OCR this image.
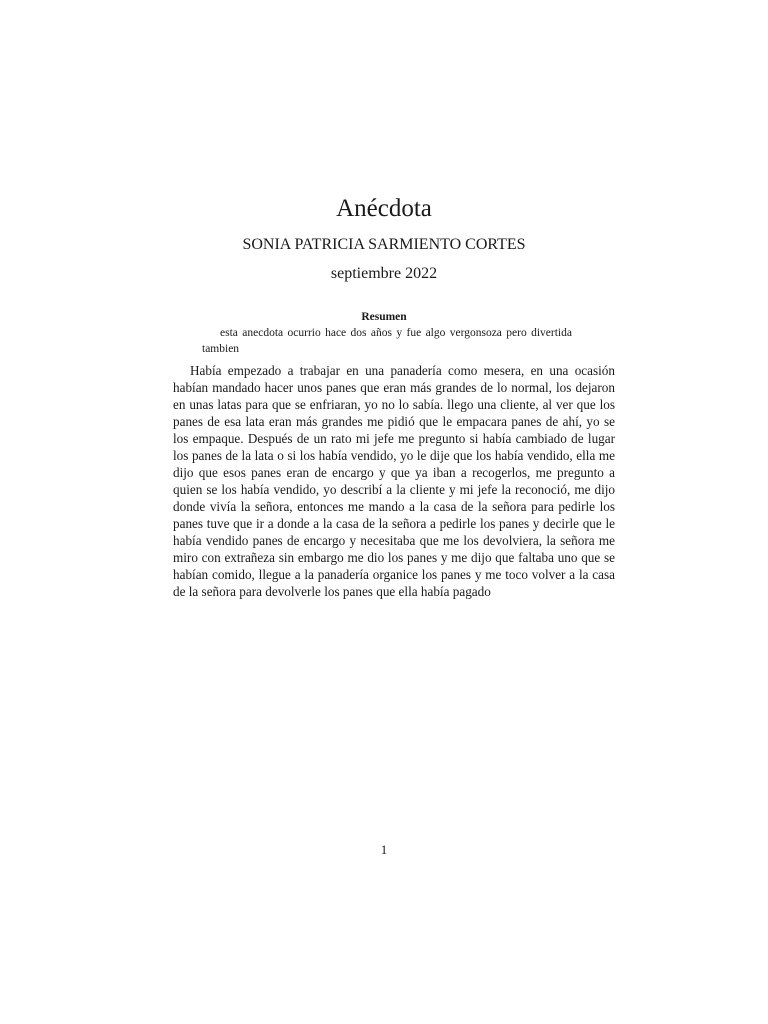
Anécdota
SONIA PATRICIA SARMIENTO CORTES
septiembre 2022
Resumen
esta anecdota ocurrio hace dos años y fue algo vergonsoza pero divertida tambien
Había empezado a trabajar en una panadería como mesera, en una ocasión habían mandado hacer unos panes que eran más grandes de lo normal, los dejaron en unas latas para que se enfriaran, yo no lo sabía. llego una cliente, al ver que los panes de esa lata eran más grandes me pidió que le empacara panes de ahí, yo se los empaque. Después de un rato mi jefe me pregunto si había cambiado de lugar los panes de la lata o si los había vendido, yo le dije que los había vendido, ella me dijo que esos panes eran de encargo y que ya iban a recogerlos, me pregunto a quien se los había vendido, yo describí a la cliente y mi jefe la reconoció, me dijo donde vivía la señora, entonces me mando a la casa de la señora para pedirle los panes tuve que ir a donde a la casa de la señora a pedirle los panes y decirle que le había vendido panes de encargo y necesitaba que me los devolviera, la señora me miro con extrañeza sin embargo me dio los panes y me dijo que faltaba uno que se habían comido, llegue a la panadería organice los panes y me toco volver a la casa de la señora para devolverle los panes que ella había pagado
1
